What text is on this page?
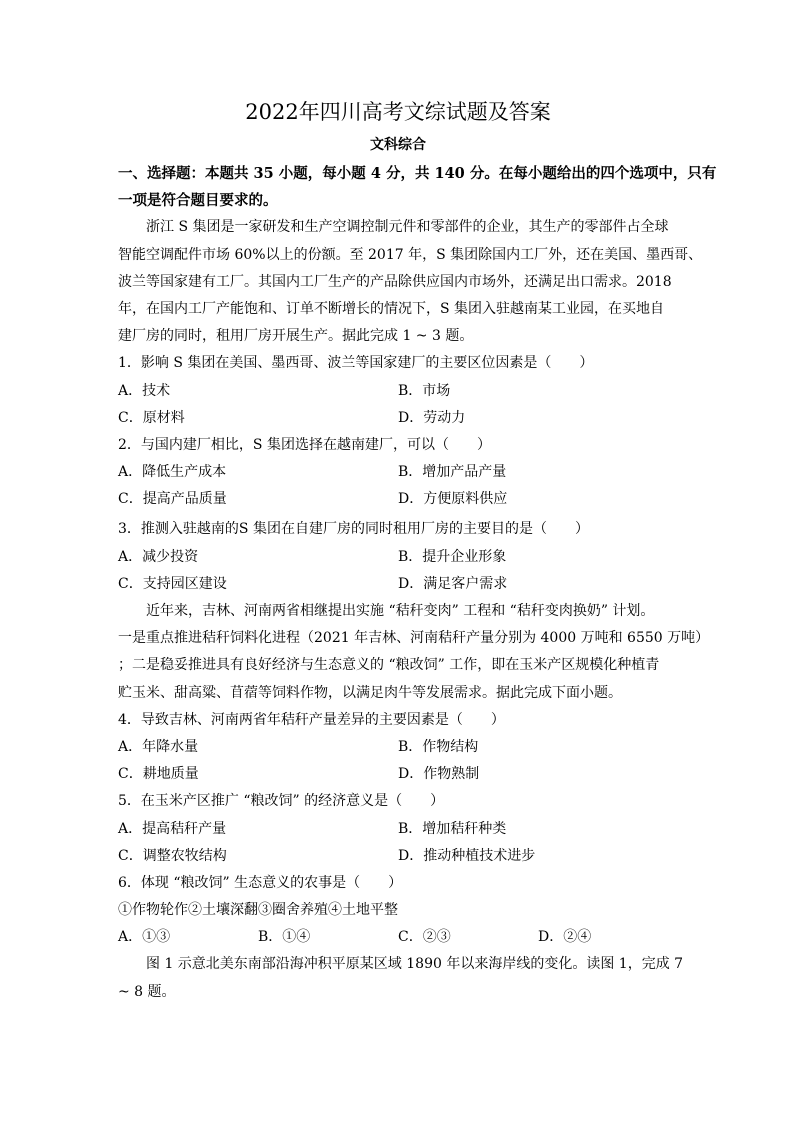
2022年四川高考文综试题及答案
文科综合
一、选择题：本题共 35 小题，每小题 4 分，共 140 分。在每小题给出的四个选项中，只有
一项是符合题目要求的。
浙江 S 集团是一家研发和生产空调控制元件和零部件的企业，其生产的零部件占全球
智能空调配件市场 60%以上的份额。至 2017 年，S 集团除国内工厂外，还在美国、墨西哥、
波兰等国家建有工厂。其国内工厂生产的产品除供应国内市场外，还满足出口需求。2018
年，在国内工厂产能饱和、订单不断增长的情况下，S 集团入驻越南某工业园，在买地自
建厂房的同时，租用厂房开展生产。据此完成 1 ~ 3 题。
1．影响 S 集团在美国、墨西哥、波兰等国家建厂的主要区位因素是（　　）
A．技术	B．市场
C．原材料	D．劳动力
2．与国内建厂相比，S 集团选择在越南建厂，可以（　　）
A．降低生产成本	B．增加产品产量
C．提高产品质量	D．方便原料供应
3．推测入驻越南的S 集团在自建厂房的同时租用厂房的主要目的是（　　）
A．减少投资	B．提升企业形象
C．支持园区建设	D．满足客户需求
近年来，吉林、河南两省相继提出实施 “秸秆变肉” 工程和 “秸秆变肉换奶” 计划。
一是重点推进秸秆饲料化进程（2021 年吉林、河南秸秆产量分别为 4000 万吨和 6550 万吨）
；二是稳妥推进具有良好经济与生态意义的 “粮改饲” 工作，即在玉米产区规模化种植青
贮玉米、甜高粱、苜蓿等饲料作物，以满足肉牛等发展需求。据此完成下面小题。
4．导致吉林、河南两省年秸秆产量差异的主要因素是（　　）
A．年降水量	B．作物结构
C．耕地质量	D．作物熟制
5．在玉米产区推广 “粮改饲” 的经济意义是（　　）
A．提高秸秆产量	B．增加秸秆种类
C．调整农牧结构	D．推动种植技术进步
6．体现 “粮改饲” 生态意义的农事是（　　）
①作物轮作②土壤深翻③圈舍养殖④土地平整
A．①③	B．①④	C．②③	D．②④
图 1 示意北美东南部沿海冲积平原某区域 1890 年以来海岸线的变化。读图 1，完成 7
~ 8 题。
